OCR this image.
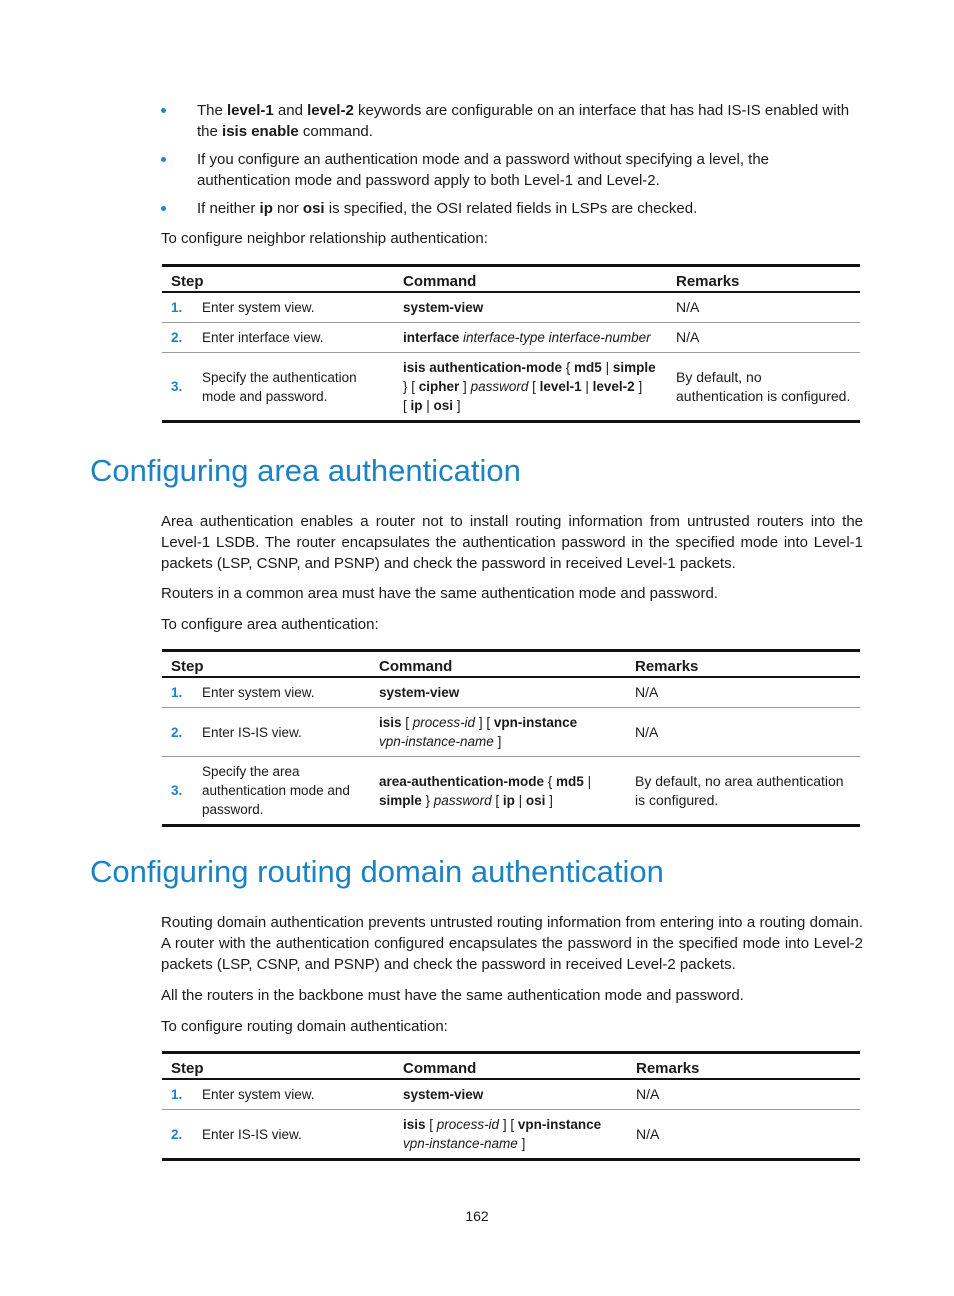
The level-1 and level-2 keywords are configurable on an interface that has had IS-IS enabled with the isis enable command.
If you configure an authentication mode and a password without specifying a level, the authentication mode and password apply to both Level-1 and Level-2.
If neither ip nor osi is specified, the OSI related fields in LSPs are checked.
To configure neighbor relationship authentication:
Step	Command	Remarks

1. Enter system view.	system-view	N/A

2. Enter interface view.	interface interface-type interface-number	N/A

3.
Specify the authentication mode and password.	isis authentication-mode { md5 | simple } [ cipher ] password [ level-1 | level-2 ]
[ ip | osi ]	By default, no authentication is configured.
Configuring area authentication
Area authentication enables a router not to install routing information from untrusted routers into the Level-1 LSDB. The router encapsulates the authentication password in the specified mode into Level-1 packets (LSP, CSNP, and PSNP) and check the password in received Level-1 packets.
Routers in a common area must have the same authentication mode and password.
To configure area authentication:
Step	Command	Remarks

1. Enter system view.	system-view	N/A

2. Enter IS-IS view.	isis [ process-id ] [ vpn-instance
vpn-instance-name ]	N/A

3.
Specify the area authentication mode and password.	area-authentication-mode { md5 |
simple } password [ ip | osi ]	By default, no area authentication is configured.
Configuring routing domain authentication
Routing domain authentication prevents untrusted routing information from entering into a routing domain. A router with the authentication configured encapsulates the password in the specified mode into Level-2 packets (LSP, CSNP, and PSNP) and check the password in received Level-2 packets.
All the routers in the backbone must have the same authentication mode and password.
To configure routing domain authentication:
Step	Command	Remarks

1. Enter system view.	system-view	N/A

2. Enter IS-IS view.	isis [ process-id ] [ vpn-instance
vpn-instance-name ]	N/A
162
